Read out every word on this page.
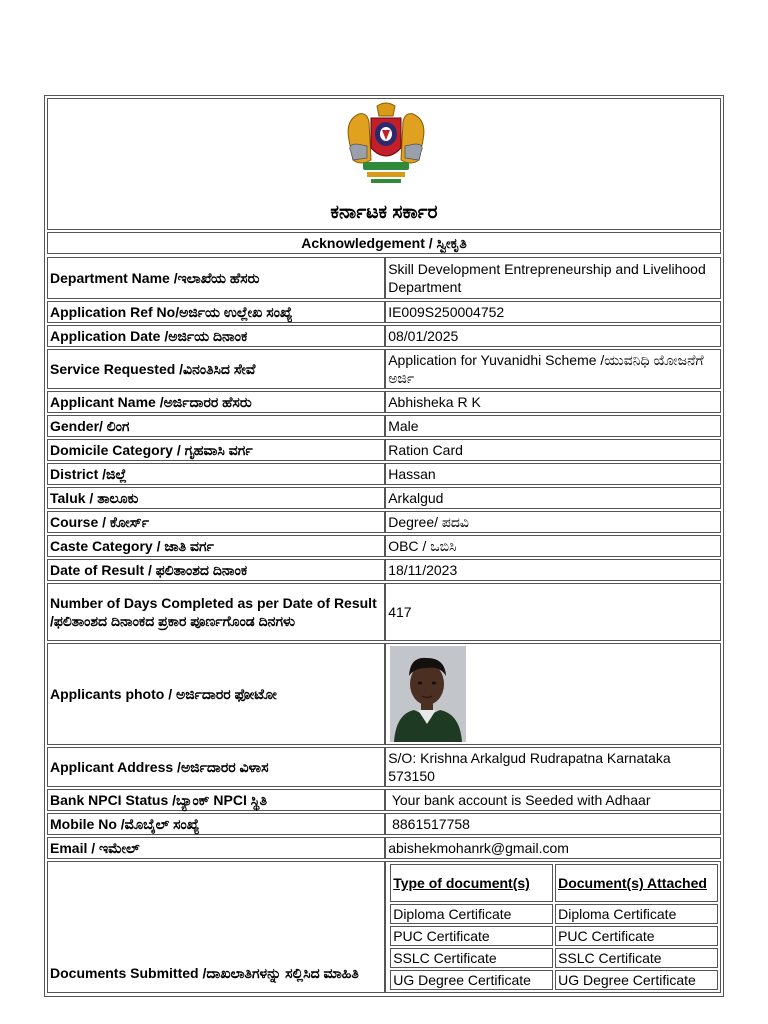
ಕರ್ನಾಟಕ ಸರ್ಕಾರ
Acknowledgement / ಸ್ವೀಕೃತಿ
Department Name /ಇಲಾಖೆಯ ಹೆಸರು	Skill Development Entrepreneurship and Livelihood Department
Application Ref No/ಅರ್ಜಿಯ ಉಲ್ಲೇಖ ಸಂಖ್ಯೆ	IE009S250004752
Application Date /ಅರ್ಜಿಯ ದಿನಾಂಕ	08/01/2025
Service Requested /ವಿನಂತಿಸಿದ ಸೇವೆ	Application for Yuvanidhi Scheme /ಯುವನಿಧಿ ಯೋಜನೆಗೆ ಅರ್ಜಿ
Applicant Name /ಅರ್ಜಿದಾರರ ಹೆಸರು	Abhisheka R K
Gender/ ಲಿಂಗ	Male
Domicile Category / ಗೃಹವಾಸಿ ವರ್ಗ	Ration Card
District /ಜಿಲ್ಲೆ	Hassan
Taluk / ತಾಲೂಕು	Arkalgud
Course / ಕೋರ್ಸ್	Degree/ ಪದವಿ
Caste Category / ಜಾತಿ ವರ್ಗ	OBC / ಒಬಿಸಿ
Date of Result / ಫಲಿತಾಂಶದ ದಿನಾಂಕ	18/11/2023
Number of Days Completed as per Date of Result /ಫಲಿತಾಂಶದ ದಿನಾಂಕದ ಪ್ರಕಾರ ಪೂರ್ಣಗೊಂಡ ದಿನಗಳು	417
Applicants photo / ಅರ್ಜಿದಾರರ ಫೋಟೋ	

Applicant Address /ಅರ್ಜಿದಾರರ ವಿಳಾಸ	S/O: Krishna Arkalgud Rudrapatna Karnataka 573150
Bank NPCI Status /ಬ್ಯಾಂಕ್ NPCI ಸ್ಥಿತಿ	Your bank account is Seeded with Adhaar
Mobile No /ಮೊಬೈಲ್ ಸಂಖ್ಯೆ	8861517758
Email / ಇಮೇಲ್	abishekmohanrk@gmail.com
Documents Submitted /ದಾಖಲಾತಿಗಳನ್ನು ಸಲ್ಲಿಸಿದ ಮಾಹಿತಿ	
Type of document(s)	Document(s) Attached
Diploma Certificate	Diploma Certificate
PUC Certificate	PUC Certificate
SSLC Certificate	SSLC Certificate
UG Degree Certificate	UG Degree Certificate
